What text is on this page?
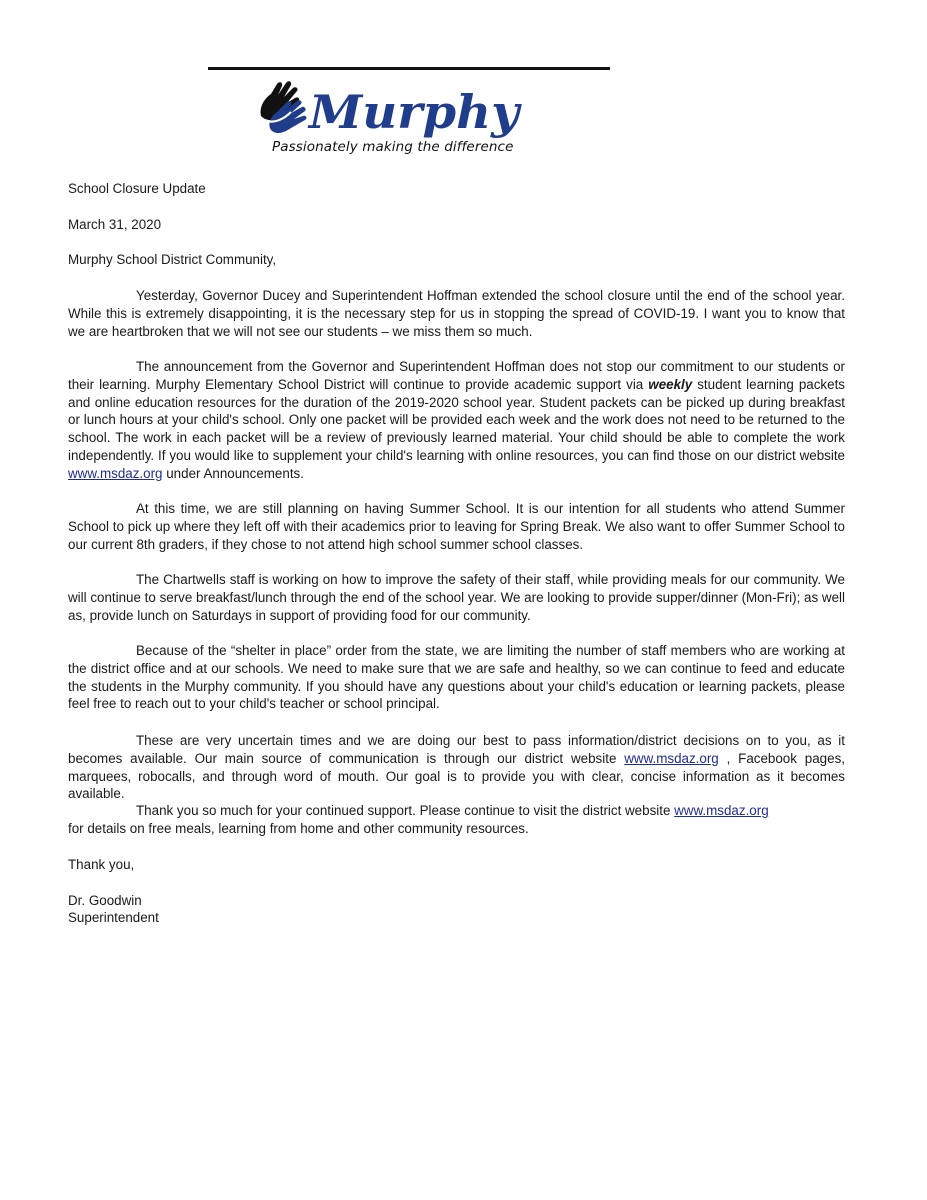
Murphy
Passionately making the difference
School Closure Update
March 31, 2020
Murphy School District Community,
Yesterday, Governor Ducey and Superintendent Hoffman extended the school closure until the end of the school year. While this is extremely disappointing, it is the necessary step for us in stopping the spread of COVID-19. I want you to know that we are heartbroken that we will not see our students – we miss them so much.
The announcement from the Governor and Superintendent Hoffman does not stop our commitment to our students or their learning. Murphy Elementary School District will continue to provide academic support via weekly student learning packets and online education resources for the duration of the 2019-2020 school year. Student packets can be picked up during breakfast or lunch hours at your child's school. Only one packet will be provided each week and the work does not need to be returned to the school. The work in each packet will be a review of previously learned material. Your child should be able to complete the work independently. If you would like to supplement your child's learning with online resources, you can find those on our district website www.msdaz.org under Announcements.
At this time, we are still planning on having Summer School. It is our intention for all students who attend Summer School to pick up where they left off with their academics prior to leaving for Spring Break. We also want to offer Summer School to our current 8th graders, if they chose to not attend high school summer school classes.
The Chartwells staff is working on how to improve the safety of their staff, while providing meals for our community. We will continue to serve breakfast/lunch through the end of the school year. We are looking to provide supper/dinner (Mon-Fri); as well as, provide lunch on Saturdays in support of providing food for our community.
Because of the “shelter in place” order from the state, we are limiting the number of staff members who are working at the district office and at our schools. We need to make sure that we are safe and healthy, so we can continue to feed and educate the students in the Murphy community. If you should have any questions about your child's education or learning packets, please feel free to reach out to your child's teacher or school principal.
These are very uncertain times and we are doing our best to pass information/district decisions on to you, as it becomes available. Our main source of communication is through our district website www.msdaz.org , Facebook pages, marquees, robocalls, and through word of mouth. Our goal is to provide you with clear, concise information as it becomes available.
Thank you so much for your continued support. Please continue to visit the district website www.msdaz.org
for details on free meals, learning from home and other community resources.
Thank you,
Dr. Goodwin
Superintendent
